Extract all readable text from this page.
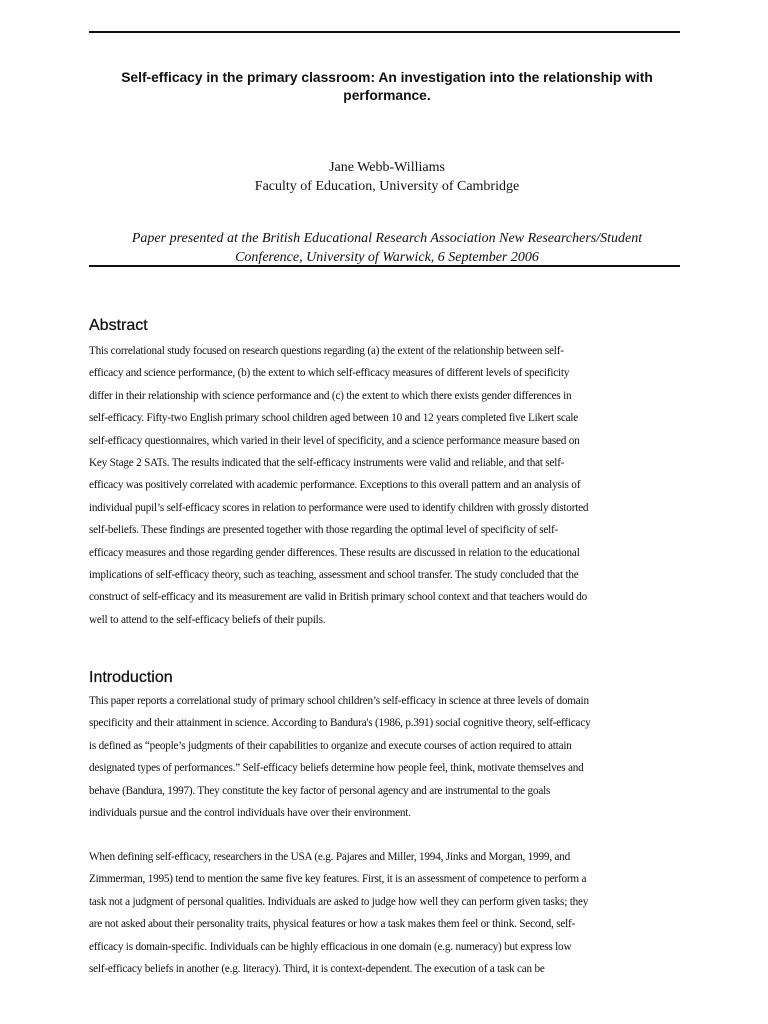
Self-efficacy in the primary classroom: An investigation into the relationship with
performance.
Jane Webb-Williams
Faculty of Education, University of Cambridge
Paper presented at the British Educational Research Association New Researchers/Student
Conference, University of Warwick, 6 September 2006
Abstract
This correlational study focused on research questions regarding (a) the extent of the relationship between self-
efficacy and science performance, (b) the extent to which self-efficacy measures of different levels of specificity
differ in their relationship with science performance and (c) the extent to which there exists gender differences in
self-efficacy. Fifty-two English primary school children aged between 10 and 12 years completed five Likert scale
self-efficacy questionnaires, which varied in their level of specificity, and a science performance measure based on
Key Stage 2 SATs. The results indicated that the self-efficacy instruments were valid and reliable, and that self-
efficacy was positively correlated with academic performance. Exceptions to this overall pattern and an analysis of
individual pupil’s self-efficacy scores in relation to performance were used to identify children with grossly distorted
self-beliefs. These findings are presented together with those regarding the optimal level of specificity of self-
efficacy measures and those regarding gender differences. These results are discussed in relation to the educational
implications of self-efficacy theory, such as teaching, assessment and school transfer. The study concluded that the
construct of self-efficacy and its measurement are valid in British primary school context and that teachers would do
well to attend to the self-efficacy beliefs of their pupils.
Introduction
This paper reports a correlational study of primary school children’s self-efficacy in science at three levels of domain
specificity and their attainment in science. According to Bandura's (1986, p.391) social cognitive theory, self-efficacy
is defined as “people’s judgments of their capabilities to organize and execute courses of action required to attain
designated types of performances.” Self-efficacy beliefs determine how people feel, think, motivate themselves and
behave (Bandura, 1997). They constitute the key factor of personal agency and are instrumental to the goals
individuals pursue and the control individuals have over their environment.
When defining self-efficacy, researchers in the USA (e.g. Pajares and Miller, 1994, Jinks and Morgan, 1999, and
Zimmerman, 1995) tend to mention the same five key features. First, it is an assessment of competence to perform a
task not a judgment of personal qualities. Individuals are asked to judge how well they can perform given tasks; they
are not asked about their personality traits, physical features or how a task makes them feel or think. Second, self-
efficacy is domain-specific. Individuals can be highly efficacious in one domain (e.g. numeracy) but express low
self-efficacy beliefs in another (e.g. literacy). Third, it is context-dependent. The execution of a task can be
